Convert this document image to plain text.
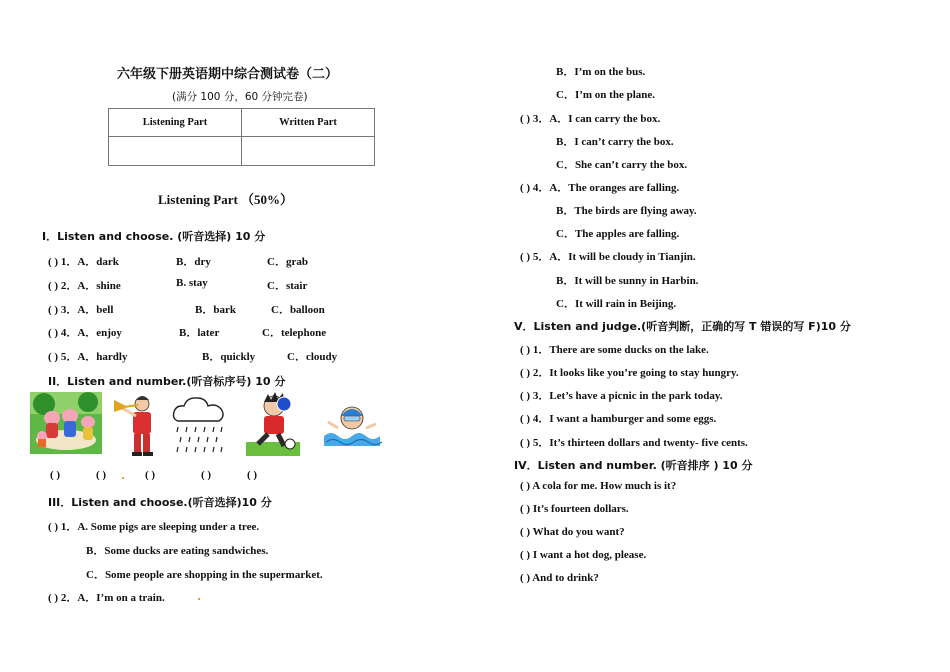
六年级下册英语期中综合测试卷（二）
(满分 100 分，60 分钟完卷)
Listening Part	Written Part

Listening Part （50%）
I．Listen and choose. (听音选择) 10 分
( ) 1．A．dark	B．dry	C．grab
( ) 2．A．shine	B. stay	C．stair
( ) 3．A．bell	B．bark	C．balloon
( ) 4．A．enjoy	B．later	C．telephone
( ) 5．A．hardly	B．quickly	C．cloudy
II．Listen and number.(听音标序号) 10 分
( )	( )	( )	( )	( )
III．Listen and choose.(听音选择)10 分
( ) 1．A. Some pigs are sleeping under a tree.
B．Some ducks are eating sandwiches.
C．Some people are shopping in the supermarket.
( ) 2．A．I’m on a train.
B．I’m on the bus.
C．I’m on the plane.
( ) 3．A．I can carry the box.
B．I can’t carry the box.
C．She can’t carry the box.
( ) 4．A．The oranges are falling.
B．The birds are flying away.
C．The apples are falling.
( ) 5．A．It will be cloudy in Tianjin.
B．It will be sunny in Harbin.
C．It will rain in Beijing.
V．Listen and judge.(听音判断，正确的写 T 错误的写 F)10 分
( ) 1．There are some ducks on the lake.
( ) 2．It looks like you’re going to stay hungry.
( ) 3．Let’s have a picnic in the park today.
( ) 4．I want a hamburger and some eggs.
( ) 5．It’s thirteen dollars and twenty- five cents.
IV．Listen and number. (听音排序 ) 10 分
( ) A cola for me. How much is it?
( ) It’s fourteen dollars.
( ) What do you want?
( ) I want a hot dog, please.
( ) And to drink?
